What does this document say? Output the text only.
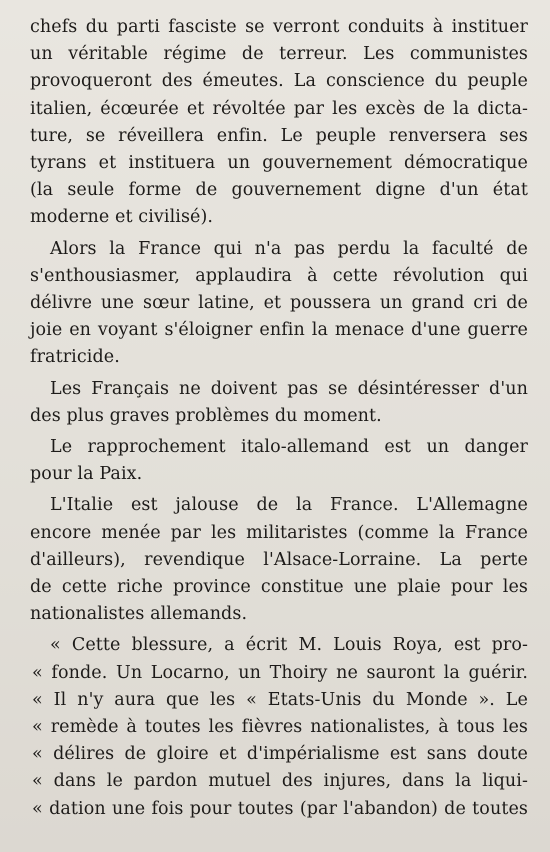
chefs du parti fasciste se verront conduits à instituer
un véritable régime de terreur. Les communistes
provoqueront des émeutes. La conscience du peuple
italien, écœurée et révoltée par les excès de la dicta-
ture, se réveillera enfin. Le peuple renversera ses
tyrans et instituera un gouvernement démocratique
(la seule forme de gouvernement digne d'un état
moderne et civilisé).
Alors la France qui n'a pas perdu la faculté de
s'enthousiasmer, applaudira à cette révolution qui
délivre une sœur latine, et poussera un grand cri de
joie en voyant s'éloigner enfin la menace d'une guerre
fratricide.
Les Français ne doivent pas se désintéresser d'un
des plus graves problèmes du moment.
Le rapprochement italo-allemand est un danger
pour la Paix.
L'Italie est jalouse de la France. L'Allemagne
encore menée par les militaristes (comme la France
d'ailleurs), revendique l'Alsace-Lorraine. La perte
de cette riche province constitue une plaie pour les
nationalistes allemands.
« Cette blessure, a écrit M. Louis Roya, est pro-
« fonde. Un Locarno, un Thoiry ne sauront la guérir.
« Il n'y aura que les « Etats-Unis du Monde ». Le
« remède à toutes les fièvres nationalistes, à tous les
« délires de gloire et d'impérialisme est sans doute
« dans le pardon mutuel des injures, dans la liqui-
« dation une fois pour toutes (par l'abandon) de toutes
